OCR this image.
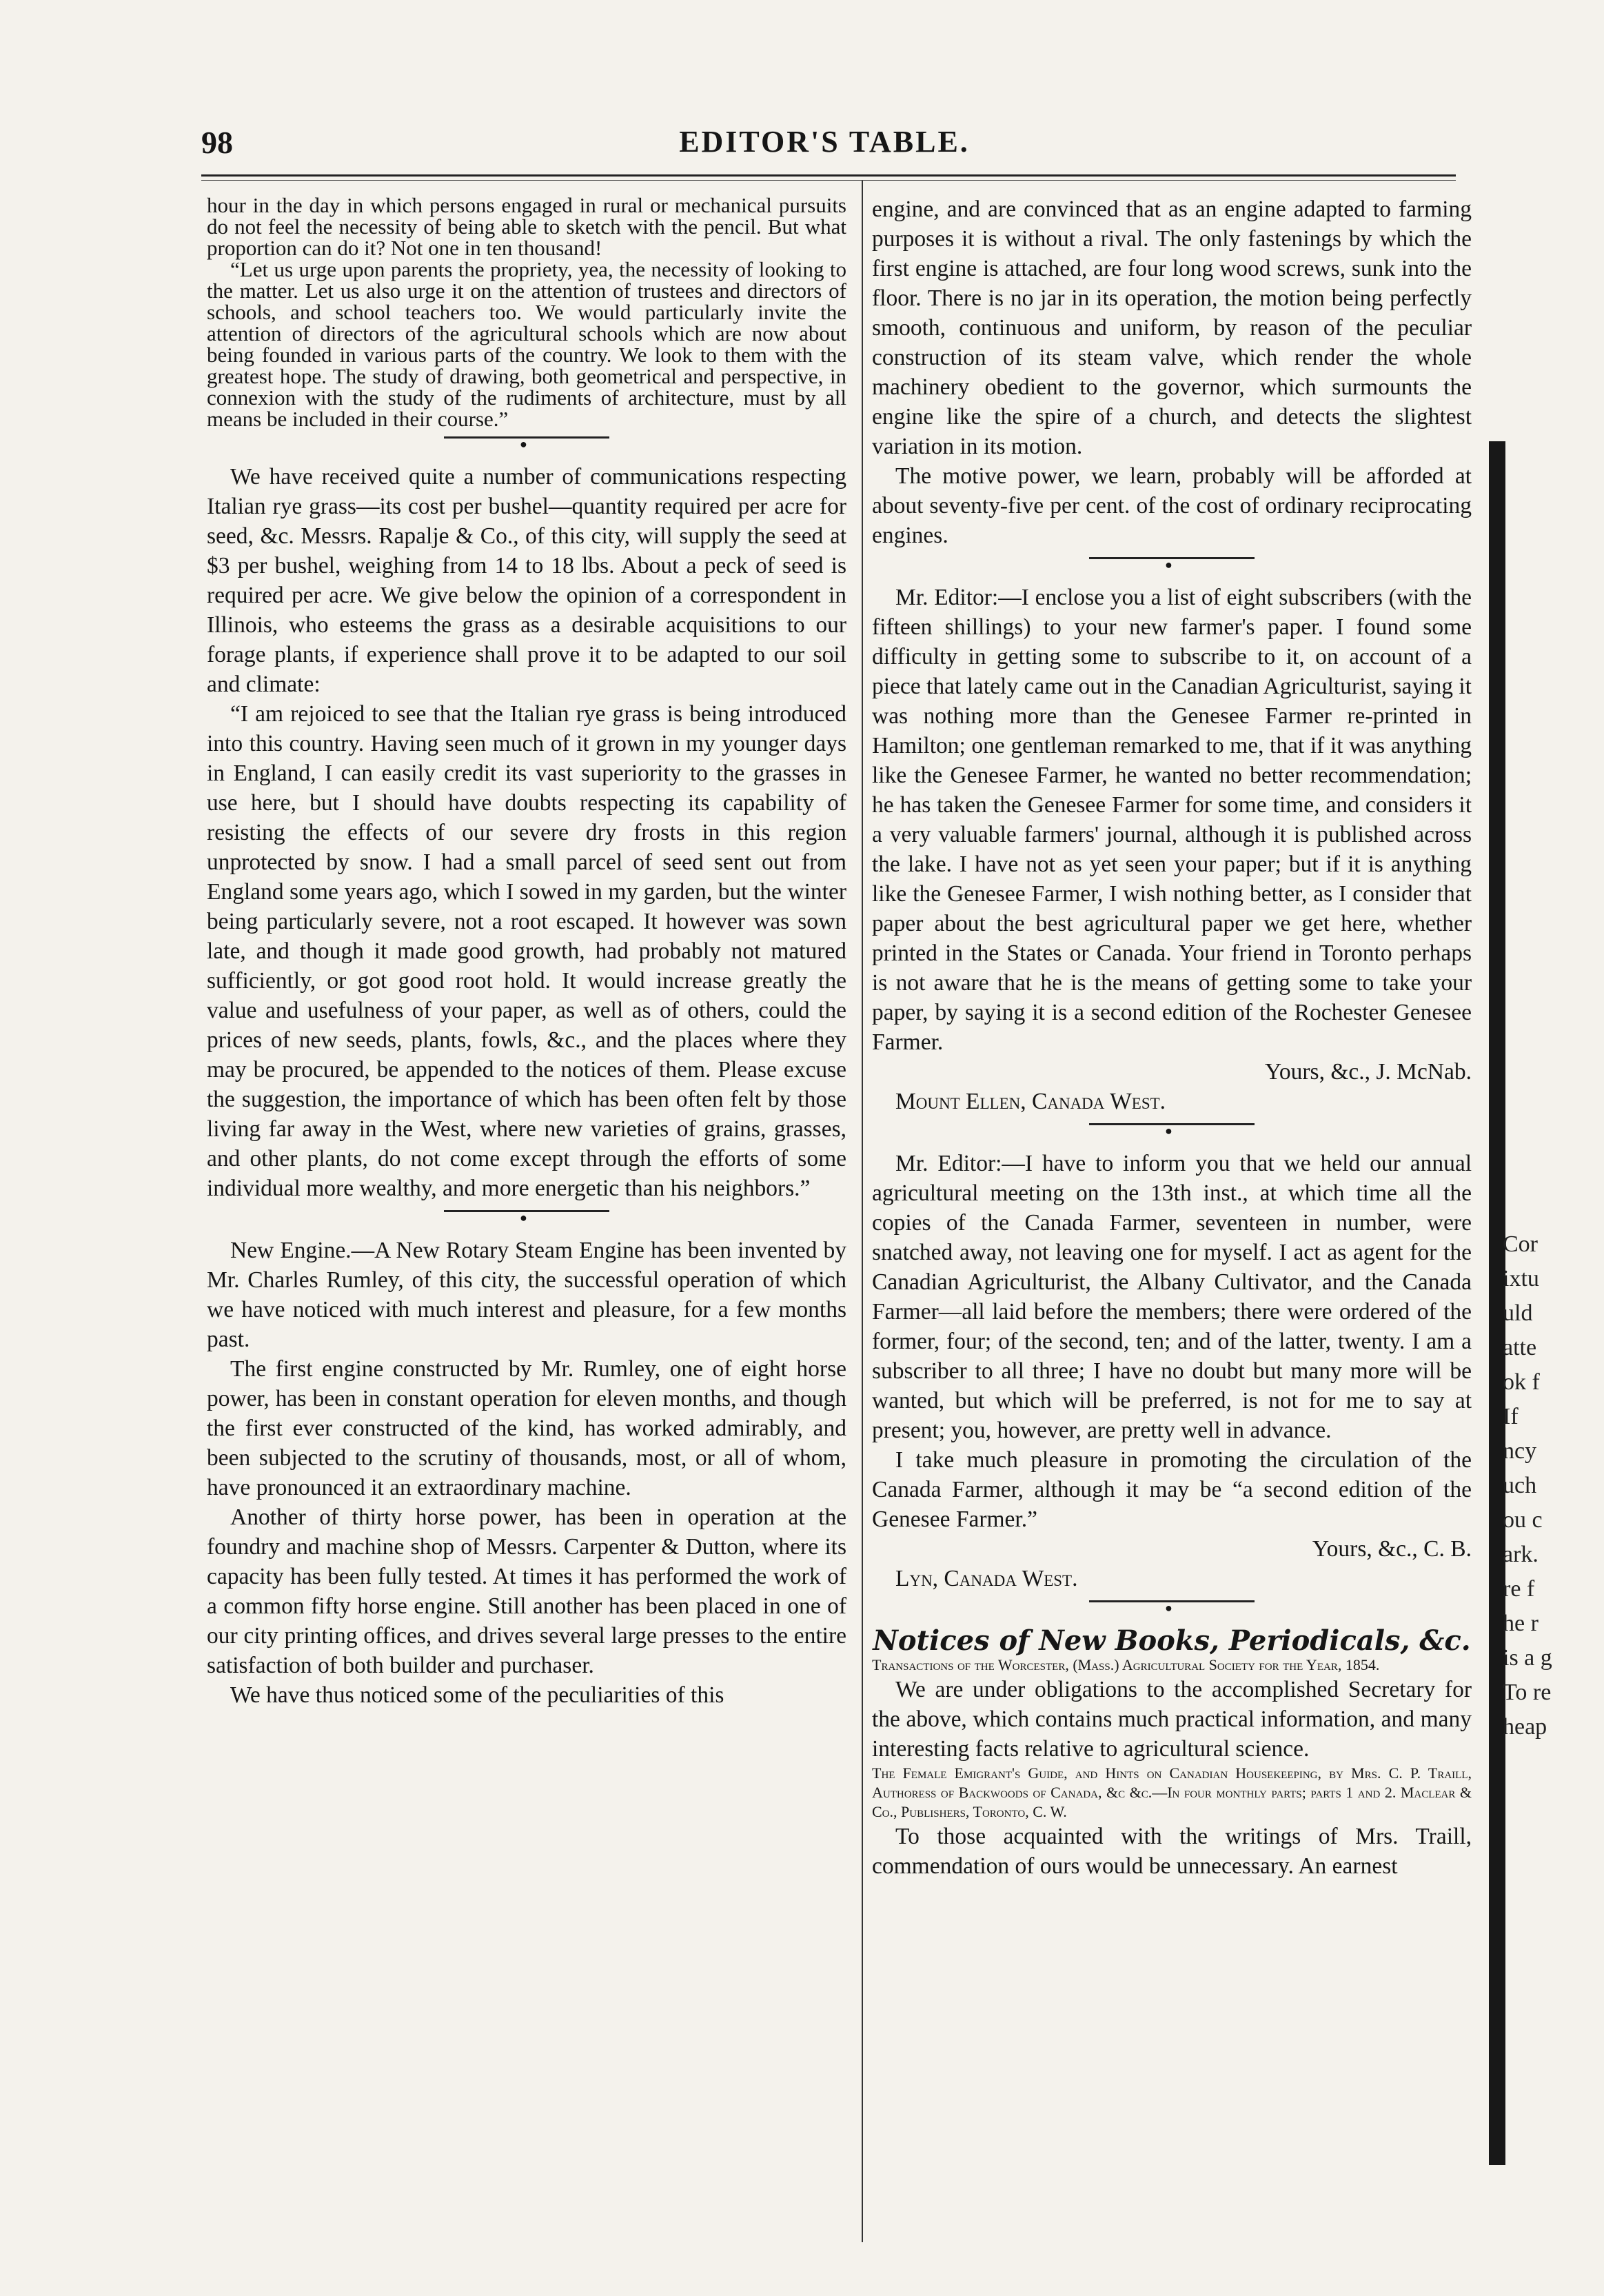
98	EDITOR'S TABLE.

hour in the day in which persons engaged in rural or mechanical pursuits do not feel the necessity of being able to sketch with the pencil. But what proportion can do it? Not one in ten thousand!

“Let us urge upon parents the propriety, yea, the necessity of looking to the matter. Let us also urge it on the attention of trustees and directors of schools, and school teachers too. We would particularly invite the attention of directors of the agricultural schools which are now about being founded in various parts of the country. We look to them with the greatest hope. The study of drawing, both geometrical and perspective, in connexion with the study of the rudiments of architecture, must by all means be included in their course.”

●

We have received quite a number of communications respecting Italian rye grass—its cost per bushel—quantity required per acre for seed, &c. Messrs. Rapalje & Co., of this city, will supply the seed at $3 per bushel, weighing from 14 to 18 lbs. About a peck of seed is required per acre. We give below the opinion of a correspondent in Illinois, who esteems the grass as a desirable acquisitions to our forage plants, if experience shall prove it to be adapted to our soil and climate:

“I am rejoiced to see that the Italian rye grass is being introduced into this country. Having seen much of it grown in my younger days in England, I can easily credit its vast superiority to the grasses in use here, but I should have doubts respecting its capability of resisting the effects of our severe dry frosts in this region unprotected by snow. I had a small parcel of seed sent out from England some years ago, which I sowed in my garden, but the winter being particularly severe, not a root escaped. It however was sown late, and though it made good growth, had probably not matured sufficiently, or got good root hold. It would increase greatly the value and usefulness of your paper, as well as of others, could the prices of new seeds, plants, fowls, &c., and the places where they may be procured, be appended to the notices of them. Please excuse the suggestion, the importance of which has been often felt by those living far away in the West, where new varieties of grains, grasses, and other plants, do not come except through the efforts of some individual more wealthy, and more energetic than his neighbors.”

●

New Engine.—A New Rotary Steam Engine has been invented by Mr. Charles Rumley, of this city, the successful operation of which we have noticed with much interest and pleasure, for a few months past.

The first engine constructed by Mr. Rumley, one of eight horse power, has been in constant operation for eleven months, and though the first ever constructed of the kind, has worked admirably, and been subjected to the scrutiny of thousands, most, or all of whom, have pronounced it an extraordinary machine.

Another of thirty horse power, has been in operation at the foundry and machine shop of Messrs. Carpenter & Dutton, where its capacity has been fully tested. At times it has performed the work of a common fifty horse engine. Still another has been placed in one of our city printing offices, and drives several large presses to the entire satisfaction of both builder and purchaser.

We have thus noticed some of the peculiarities of this

engine, and are convinced that as an engine adapted to farming purposes it is without a rival. The only fastenings by which the first engine is attached, are four long wood screws, sunk into the floor. There is no jar in its operation, the motion being perfectly smooth, continuous and uniform, by reason of the peculiar construction of its steam valve, which render the whole machinery obedient to the governor, which surmounts the engine like the spire of a church, and detects the slightest variation in its motion.

The motive power, we learn, probably will be afforded at about seventy-five per cent. of the cost of ordinary reciprocating engines.

●

Mr. Editor:—I enclose you a list of eight subscribers (with the fifteen shillings) to your new farmer's paper. I found some difficulty in getting some to subscribe to it, on account of a piece that lately came out in the Canadian Agriculturist, saying it was nothing more than the Genesee Farmer re-printed in Hamilton; one gentleman remarked to me, that if it was anything like the Genesee Farmer, he wanted no better recommendation; he has taken the Genesee Farmer for some time, and considers it a very valuable farmers' journal, although it is published across the lake. I have not as yet seen your paper; but if it is anything like the Genesee Farmer, I wish nothing better, as I consider that paper about the best agricultural paper we get here, whether printed in the States or Canada. Your friend in Toronto perhaps is not aware that he is the means of getting some to take your paper, by saying it is a second edition of the Rochester Genesee Farmer.

Yours, &c., J. McNab.

Mount Ellen, Canada West.

●

Mr. Editor:—I have to inform you that we held our annual agricultural meeting on the 13th inst., at which time all the copies of the Canada Farmer, seventeen in number, were snatched away, not leaving one for myself. I act as agent for the Canadian Agriculturist, the Albany Cultivator, and the Canada Farmer—all laid before the members; there were ordered of the former, four; of the second, ten; and of the latter, twenty. I am a subscriber to all three; I have no doubt but many more will be wanted, but which will be preferred, is not for me to say at present; you, however, are pretty well in advance.

I take much pleasure in promoting the circulation of the Canada Farmer, although it may be “a second edition of the Genesee Farmer.”

Yours, &c., C. B.

Lyn, Canada West.

●

Notices of New Books, Periodicals, &c.

Transactions of the Worcester, (Mass.) Agricultural Society for the Year, 1854.

We are under obligations to the accomplished Secretary for the above, which contains much practical information, and many interesting facts relative to agricultural science.

The Female Emigrant's Guide, and Hints on Canadian Housekeeping, by Mrs. C. P. Traill, Authoress of Backwoods of Canada, &c &c.—In four monthly parts; parts 1 and 2. Maclear & Co., Publishers, Toronto, C. W.

To those acquainted with the writings of Mrs. Traill, commendation of ours would be unnecessary. An earnest

Cor
ixtu
uld
atte
ok f
If
ncy
uch
ou c
ark.
re f
he r
is a g
To re
heap
